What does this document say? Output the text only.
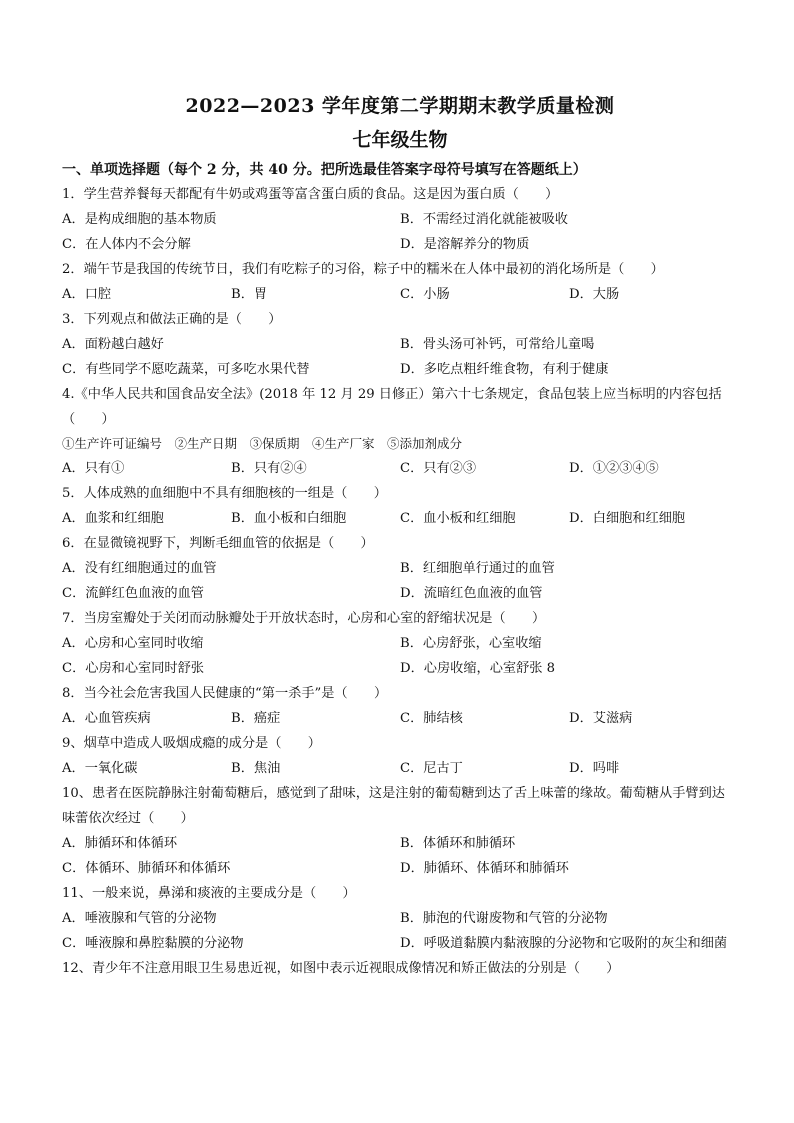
2022—2023 学年度第二学期期末教学质量检测

七年级生物

一、单项选择题（每个 2 分，共 40 分。把所选最佳答案字母符号填写在答题纸上）

1．学生营养餐每天都配有牛奶或鸡蛋等富含蛋白质的食品。这是因为蛋白质（　　）

A．是构成细胞的基本物质	B．不需经过消化就能被吸收
C．在人体内不会分解	D．是溶解养分的物质

2．端午节是我国的传统节日，我们有吃粽子的习俗，粽子中的糯米在人体中最初的消化场所是（　　）

A．口腔	B．胃	C．小肠	D．大肠

3．下列观点和做法正确的是（　　）

A．面粉越白越好	B．骨头汤可补钙，可常给儿童喝
C．有些同学不愿吃蔬菜，可多吃水果代替	D．多吃点粗纤维食物，有利于健康

4.《中华人民共和国食品安全法》(2018 年 12 月 29 日修正）第六十七条规定，食品包装上应当标明的内容包括（　　）

①生产许可证编号　②生产日期　③保质期　④生产厂家　⑤添加剂成分

A．只有①	B．只有②④	C．只有②③	D．①②③④⑤

5．人体成熟的血细胞中不具有细胞核的一组是（　　）

A．血浆和红细胞	B．血小板和白细胞	C．血小板和红细胞	D．白细胞和红细胞

6．在显微镜视野下，判断毛细血管的依据是（　　）

A．没有红细胞通过的血管	B．红细胞单行通过的血管
C．流鲜红色血液的血管	D．流暗红色血液的血管

7．当房室瓣处于关闭而动脉瓣处于开放状态时，心房和心室的舒缩状况是（　　）

A．心房和心室同时收缩	B．心房舒张，心室收缩
C．心房和心室同时舒张	D．心房收缩，心室舒张 8

8．当今社会危害我国人民健康的“第一杀手”是（　　）

A．心血管疾病	B．癌症	C．肺结核	D．艾滋病

9、烟草中造成人吸烟成瘾的成分是（　　）

A．一氧化碳	B．焦油	C．尼古丁	D．吗啡

10、患者在医院静脉注射葡萄糖后，感觉到了甜味，这是注射的葡萄糖到达了舌上味蕾的缘故。葡萄糖从手臂到达味蕾依次经过（　　）

A．肺循环和体循环	B．体循环和肺循环
C．体循环、肺循环和体循环	D．肺循环、体循环和肺循环

11、一般来说，鼻涕和痰液的主要成分是（　　）

A．唾液腺和气管的分泌物	B．肺泡的代谢废物和气管的分泌物
C．唾液腺和鼻腔黏膜的分泌物	D．呼吸道黏膜内黏液腺的分泌物和它吸附的灰尘和细菌

12、青少年不注意用眼卫生易患近视，如图中表示近视眼成像情况和矫正做法的分别是（　　）
